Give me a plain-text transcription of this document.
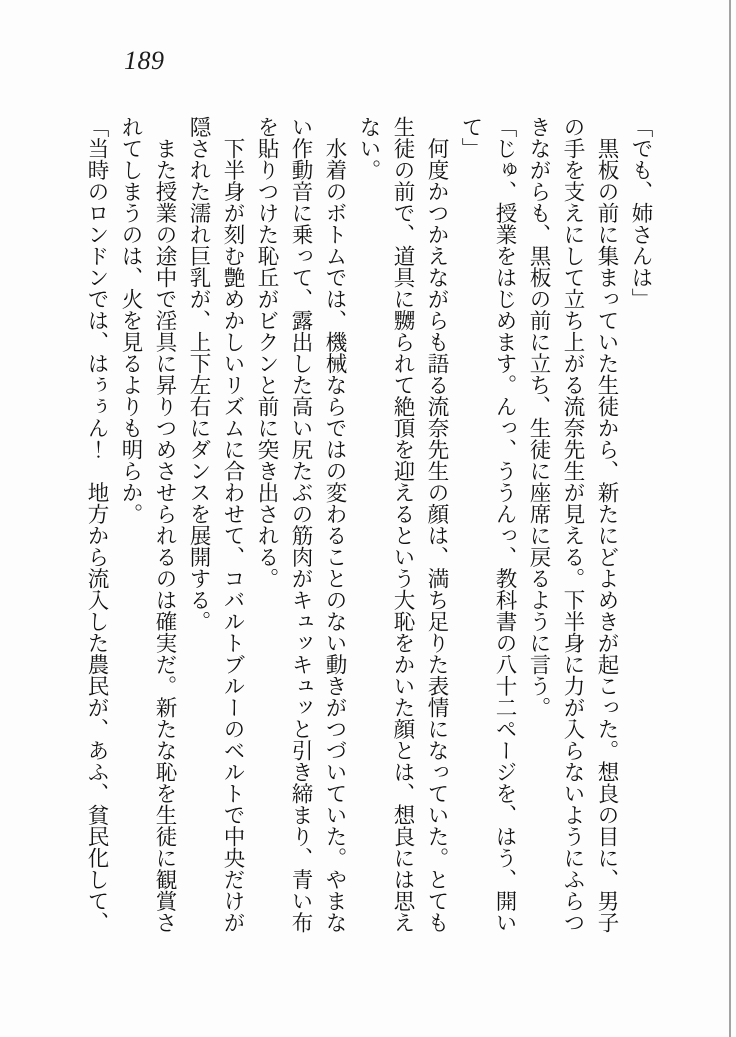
189

「でも、姉さんは」

　黒板の前に集まっていた生徒から、新たにどよめきが起こった。想良の目に、男子の手を支えにして立ち上がる流奈先生が見える。下半身に力が入らないようにふらつきながらも、黒板の前に立ち、生徒に座席に戻るように言う。

「じゅ、授業をはじめます。んっ、ううんっ、教科書の八十二ページを、はう、開いて」

　何度かつかえながらも語る流奈先生の顔は、満ち足りた表情になっていた。とても生徒の前で、道具に嬲られて絶頂を迎えるという大恥をかいた顔とは、想良には思えない。

　水着のボトムでは、機械ならではの変わることのない動きがつづいていた。やまない作動音に乗って、露出した高い尻たぶの筋肉がキュッキュッと引き締まり、青い布を貼りつけた恥丘がビクンと前に突き出される。

　下半身が刻む艶めかしいリズムに合わせて、コバルトブルーのベルトで中央だけが隠された濡れ巨乳が、上下左右にダンスを展開する。

　また授業の途中で淫具に昇りつめさせられるのは確実だ。新たな恥を生徒に観賞されてしまうのは、火を見るよりも明らか。

「当時のロンドンでは、はぅぅん！　地方から流入した農民が、あふ、貧民化して、
